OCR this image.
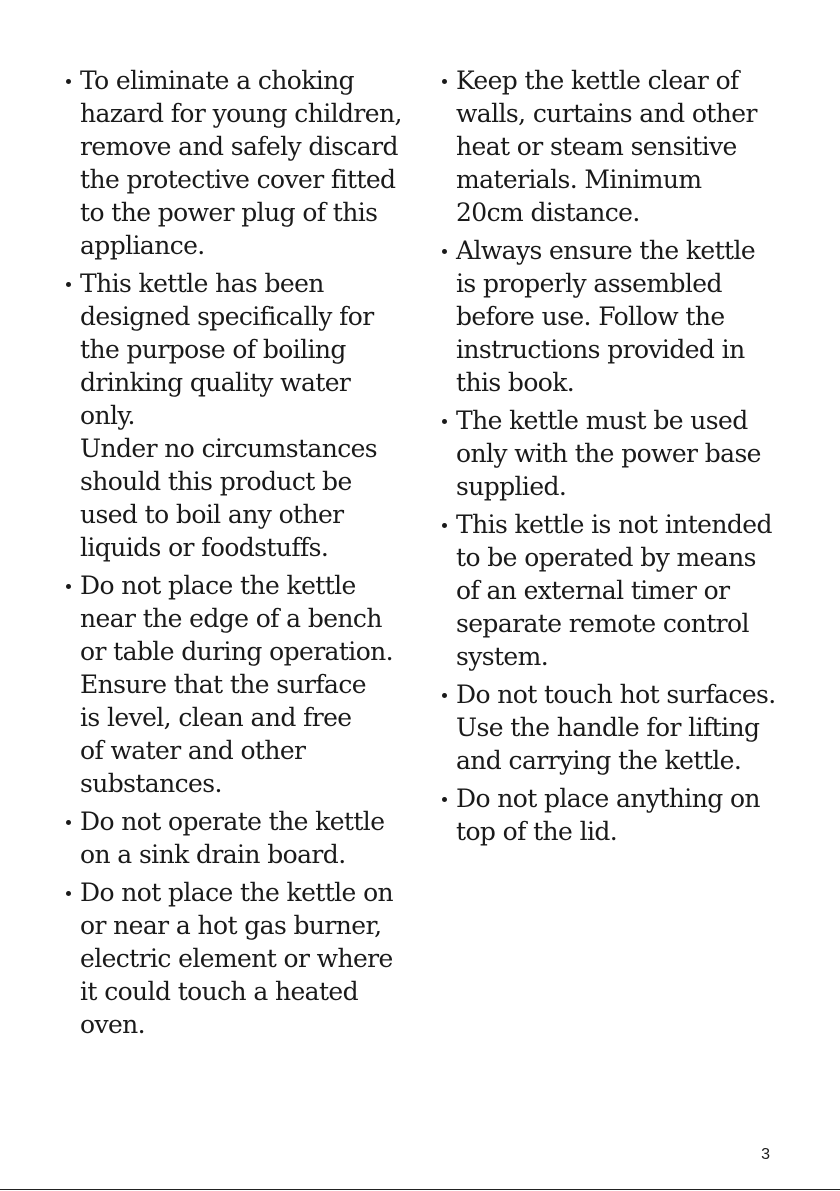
To eliminate a choking
hazard for young children,
remove and safely discard
the protective cover fitted
to the power plug of this
appliance.
This kettle has been
designed specifically for
the purpose of boiling
drinking quality water
only.
Under no circumstances
should this product be
used to boil any other
liquids or foodstuffs.
Do not place the kettle
near the edge of a bench
or table during operation.
Ensure that the surface
is level, clean and free
of water and other
substances.
Do not operate the kettle
on a sink drain board.
Do not place the kettle on
or near a hot gas burner,
electric element or where
it could touch a heated
oven.
Keep the kettle clear of
walls, curtains and other
heat or steam sensitive
materials. Minimum
20cm distance.
Always ensure the kettle
is properly assembled
before use. Follow the
instructions provided in
this book.
The kettle must be used
only with the power base
supplied.
This kettle is not intended
to be operated by means
of an external timer or
separate remote control
system.
Do not touch hot surfaces.
Use the handle for lifting
and carrying the kettle.
Do not place anything on
top of the lid.
3
